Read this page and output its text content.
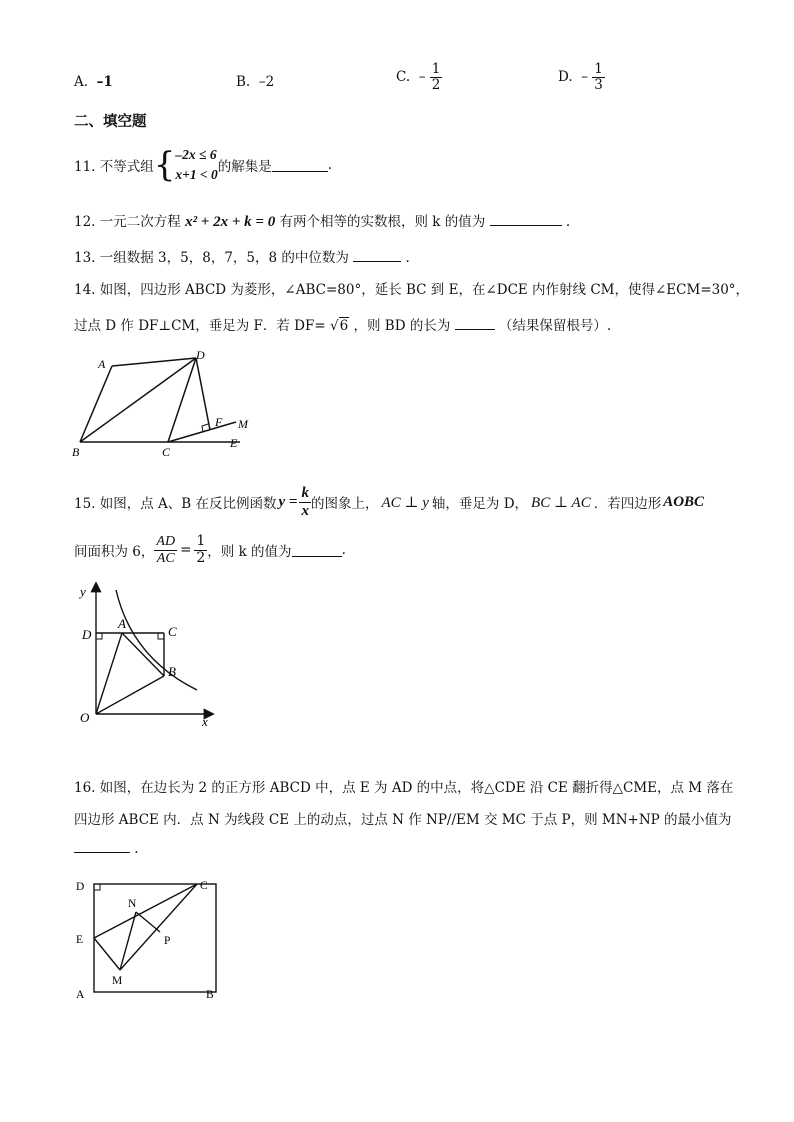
A. –1	B. –2	C. – $\frac{1}{2}$	D. – $\frac{1}{3}$
二、填空题
11. 不等式组 { –2x ≤ 6
x+1 < 0 的解集是	.
12. 一元二次方程 x² + 2x + k = 0 有两个相等的实数根，则 k 的值为	.
13. 一组数据 3，5，8，7，5，8 的中位数为	.
14. 如图，四边形 ABCD 为菱形，∠ABC=80°，延长 BC 到 E，在∠DCE 内作射线 CM，使得∠ECM=30°，
过点 D 作 DF⊥CM，垂足为 F．若 DF= √6 ，则 BD 的长为	（结果保留根号）.
A
D
B	C
E
F M
15. 如图，点 A、B 在反比例函数 $y = \frac{k}{x}$ 的图象上， AC ⊥ y 轴，垂足为 D， BC ⊥ AC ．若四边形 AOBC
间面积为 6， $\frac{AD}{AC} = \frac{1}{2}$ ，则 k 的值为	.
y
x
O
D
A
C
B
16. 如图，在边长为 2 的正方形 ABCD 中，点 E 为 AD 的中点，将△CDE 沿 CE 翻折得△CME，点 M 落在
四边形 ABCE 内．点 N 为线段 CE 上的动点，过点 N 作 NP//EM 交 MC 于点 P，则 MN+NP 的最小值为
.
D	C
E
N
P
M
A	B
